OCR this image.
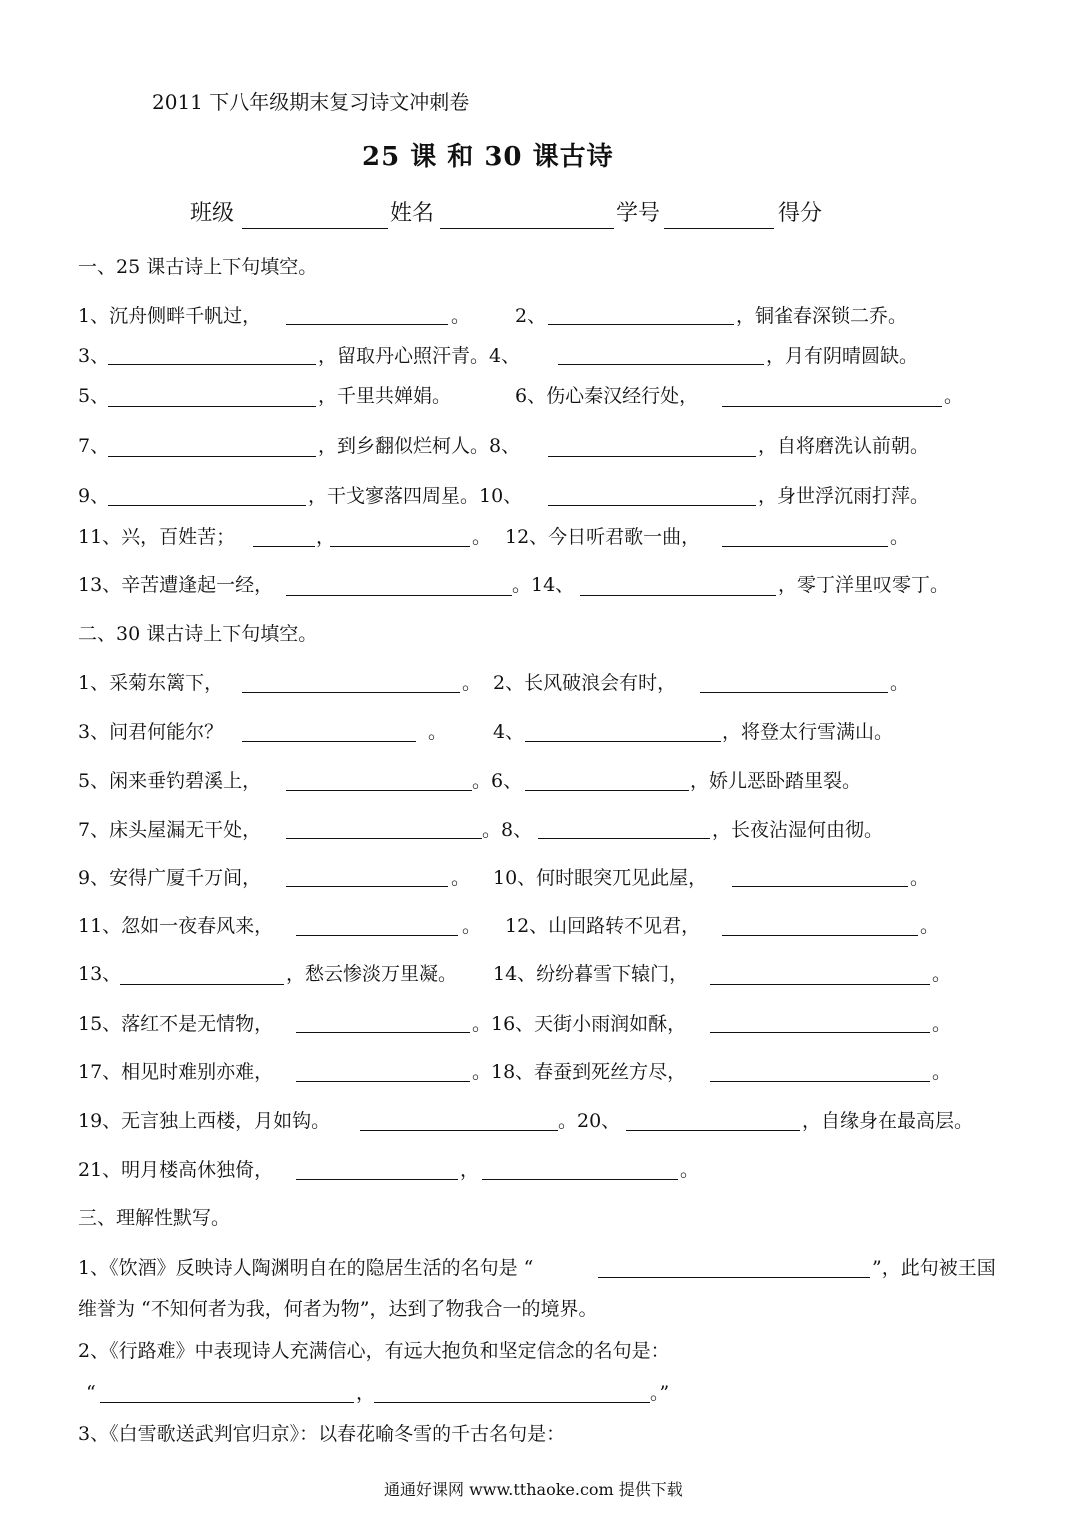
2011 下八年级期末复习诗文冲刺卷
25 课 和 30 课古诗
班级	姓名	学号	得分
一、25 课古诗上下句填空。
1、沉舟侧畔千帆过，	。 2、	，铜雀春深锁二乔。
3、	，留取丹心照汗青。4、	，月有阴晴圆缺。
5、	，千里共婵娟。	6、伤心秦汉经行处，	。
7、	，到乡翻似烂柯人。8、	，自将磨洗认前朝。
9、	，干戈寥落四周星。10、	，身世浮沉雨打萍。
11、兴，百姓苦；	，	。 12、今日听君歌一曲，	。
13、辛苦遭逢起一经，	。14、	，零丁洋里叹零丁。
二、30 课古诗上下句填空。
1、采菊东篱下，	。 2、长风破浪会有时，	。
3、问君何能尔？	。 4、	，将登太行雪满山。
5、闲来垂钓碧溪上，	。6、	，娇儿恶卧踏里裂。
7、床头屋漏无干处，	。8、	，长夜沾湿何由彻。
9、安得广厦千万间，	。 10、何时眼突兀见此屋，	。
11、忽如一夜春风来，	。 12、山回路转不见君，	。
13、	，愁云惨淡万里凝。 14、纷纷暮雪下辕门，	。
15、落红不是无情物，	。16、天街小雨润如酥，	。
17、相见时难别亦难，	。18、春蚕到死丝方尽，	。
19、无言独上西楼，月如钩。	。20、	，自缘身在最高层。
21、明月楼高休独倚，	，	。
三、理解性默写。
1、《饮酒》反映诗人陶渊明自在的隐居生活的名句是 “	”，此句被王国
维誉为 “不知何者为我，何者为物”，达到了物我合一的境界。
2、《行路难》中表现诗人充满信心，有远大抱负和坚定信念的名句是：
“	，	。”
3、《白雪歌送武判官归京》：以春花喻冬雪的千古名句是：
通通好课网 www.tthaoke.com 提供下载
